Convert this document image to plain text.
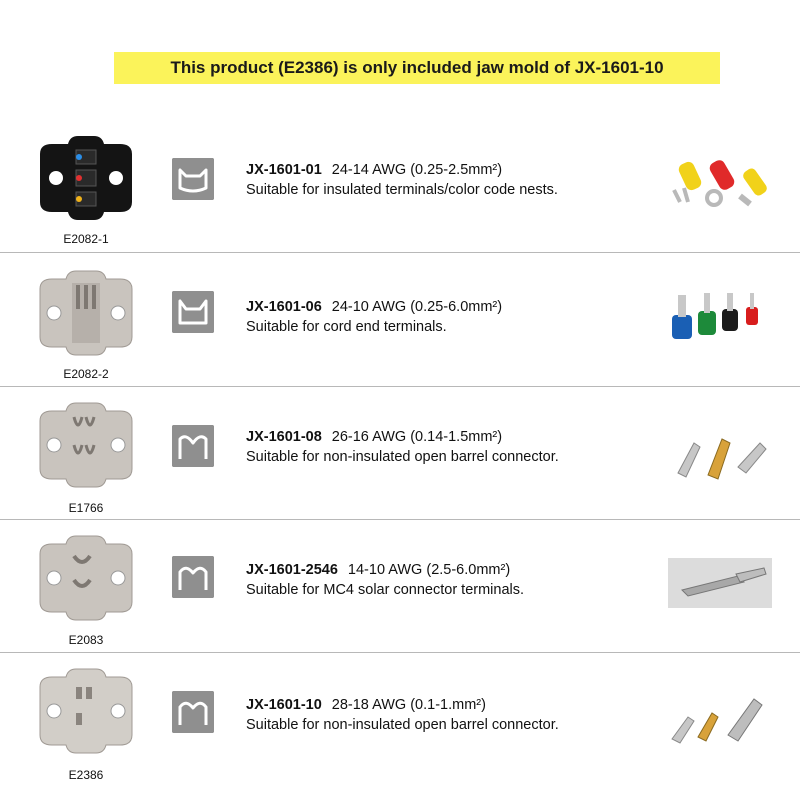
This product (E2386) is only included jaw mold of JX-1601-10
E2082-1
JX-1601-01 24-14 AWG (0.25-2.5mm²)
Suitable for insulated terminals/color code nests.
E2082-2
JX-1601-06 24-10 AWG (0.25-6.0mm²)
Suitable for cord end terminals.
E1766
JX-1601-08 26-16 AWG (0.14-1.5mm²)
Suitable for non-insulated open barrel connector.
E2083
JX-1601-2546 14-10 AWG (2.5-6.0mm²)
Suitable for MC4 solar connector terminals.
E2386
JX-1601-10 28-18 AWG (0.1-1.mm²)
Suitable for non-insulated open barrel connector.
